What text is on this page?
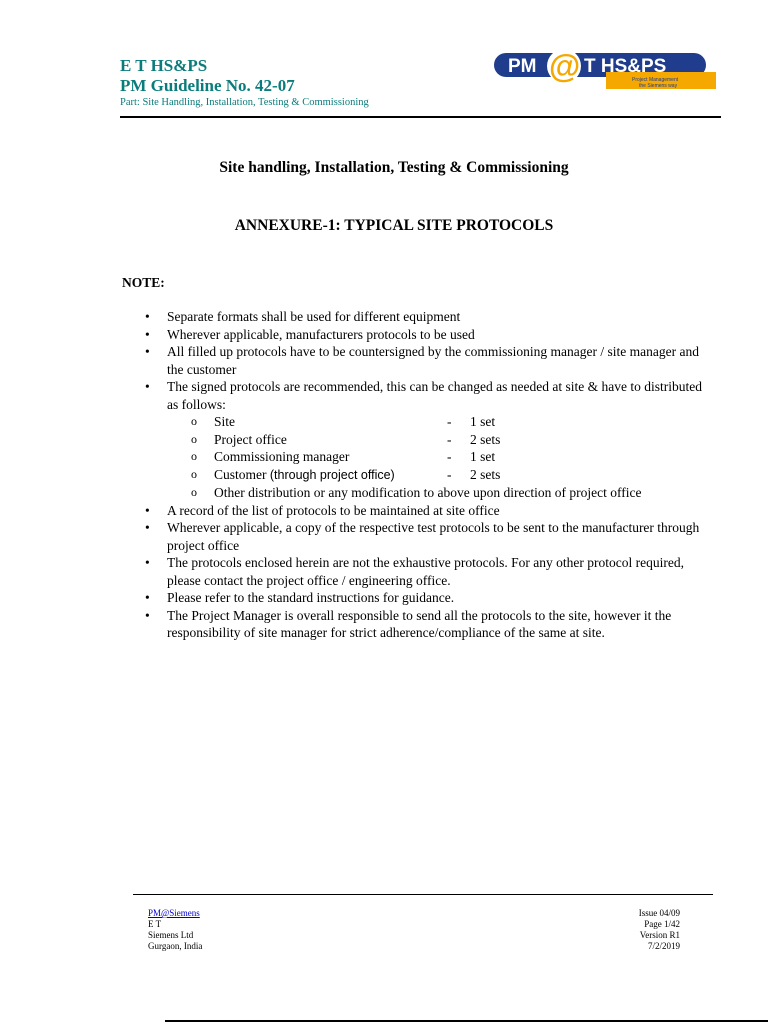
E T HS&PS
PM Guideline No. 42-07
Part: Site Handling, Installation, Testing & Commissioning
PM @ T HS&PS
Project Management
the Siemens way
Site handling, Installation, Testing & Commissioning
ANNEXURE-1: TYPICAL SITE PROTOCOLS
NOTE:
• Separate formats shall be used for different equipment
• Wherever applicable, manufacturers protocols to be used
• All filled up protocols have to be countersigned by the commissioning manager / site manager and the customer
• The signed protocols are recommended, this can be changed as needed at site & have to distributed as follows:
o Site	- 1 set
o Project office	- 2 sets
o Commissioning manager	- 1 set
o Customer (through project office)	- 2 sets
o Other distribution or any modification to above upon direction of project office
• A record of the list of protocols to be maintained at site office
• Wherever applicable, a copy of the respective test protocols to be sent to the manufacturer through project office
• The protocols enclosed herein are not the exhaustive protocols. For any other protocol required, please contact the project office / engineering office.
• Please refer to the standard instructions for guidance.
• The Project Manager is overall responsible to send all the protocols to the site, however it the responsibility of site manager for strict adherence/compliance of the same at site.
PM@Siemens
E T
Siemens Ltd
Gurgaon, India
Issue 04/09
Page 1/42
Version R1
7/2/2019
